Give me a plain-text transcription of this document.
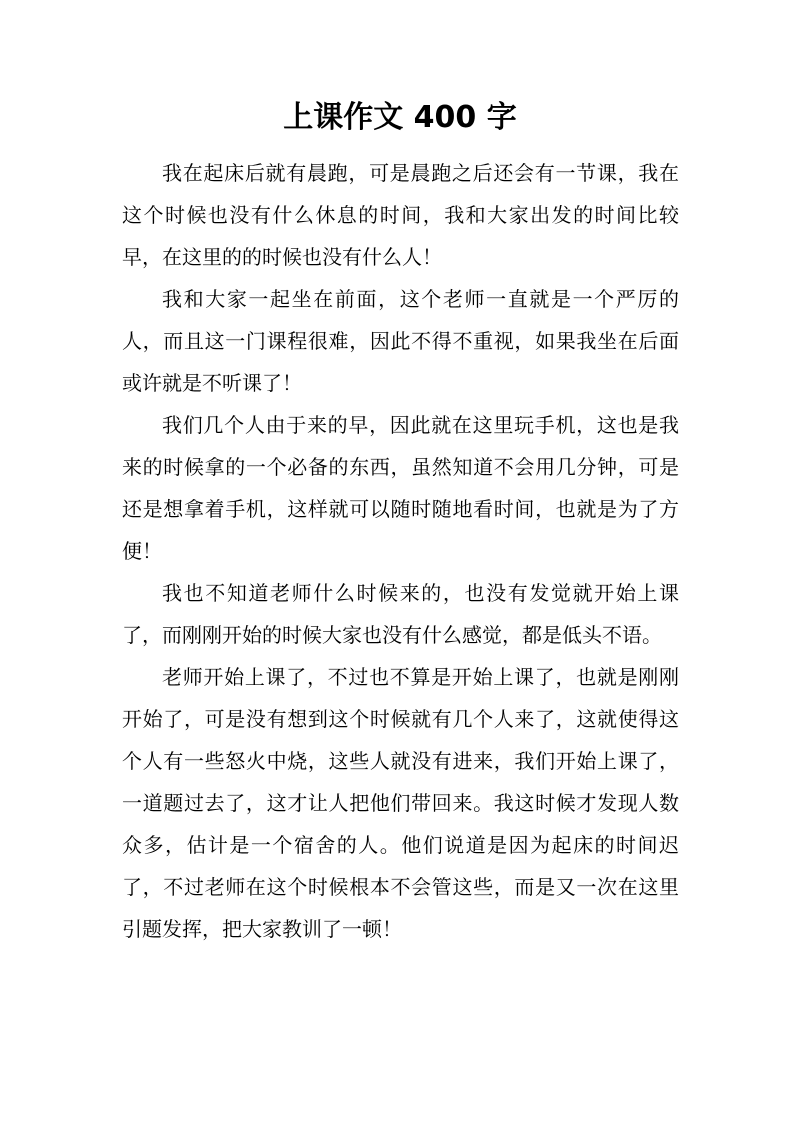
上课作文 400 字

我在起床后就有晨跑，可是晨跑之后还会有一节课，我在这个时候也没有什么休息的时间，我和大家出发的时间比较早，在这里的的时候也没有什么人！

我和大家一起坐在前面，这个老师一直就是一个严厉的人，而且这一门课程很难，因此不得不重视，如果我坐在后面或许就是不听课了！

我们几个人由于来的早，因此就在这里玩手机，这也是我来的时候拿的一个必备的东西，虽然知道不会用几分钟，可是还是想拿着手机，这样就可以随时随地看时间，也就是为了方便！

我也不知道老师什么时候来的，也没有发觉就开始上课了，而刚刚开始的时候大家也没有什么感觉，都是低头不语。

老师开始上课了，不过也不算是开始上课了，也就是刚刚开始了，可是没有想到这个时候就有几个人来了，这就使得这个人有一些怒火中烧，这些人就没有进来，我们开始上课了，一道题过去了，这才让人把他们带回来。我这时候才发现人数众多，估计是一个宿舍的人。他们说道是因为起床的时间迟了，不过老师在这个时候根本不会管这些，而是又一次在这里引题发挥，把大家教训了一顿！
